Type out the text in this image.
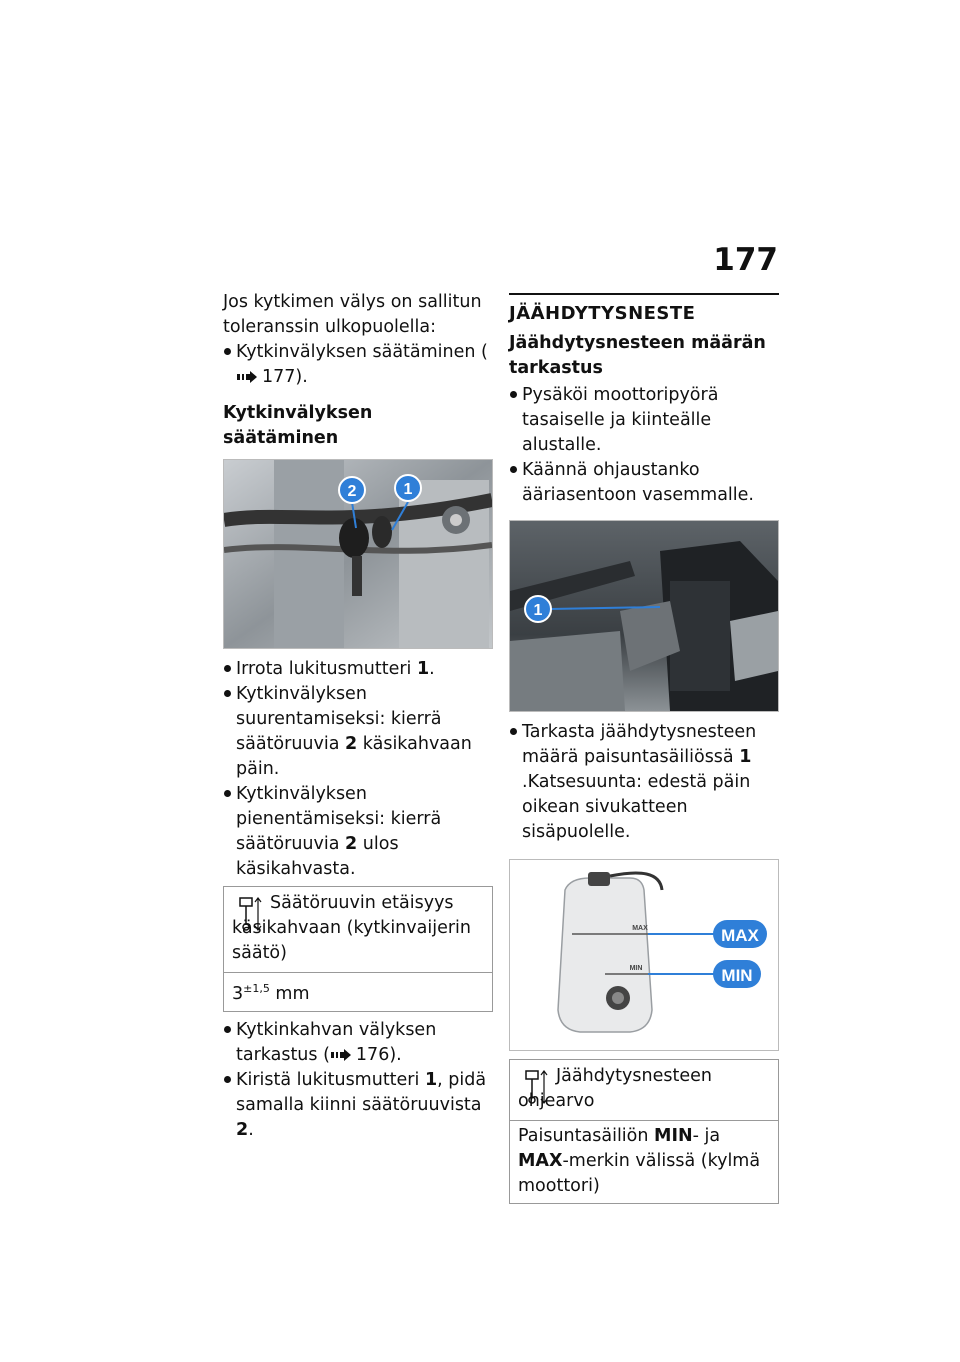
177

Jos kytkimen välys on sallitun toleranssin ulkopuolella:

Kytkinvälyksen säätäminen (177).

Kytkinvälyksen säätäminen

2	1

Irrota lukitusmutteri 1.

Kytkinvälyksen suurentamiseksi: kierrä säätöruuvia 2 käsikahvaan päin.

Kytkinvälyksen pienentämiseksi: kierrä säätöruuvia 2 ulos käsikahvasta.

Säätöruuvin etäisyys käsikahvaan (kytkinvaijerin säätö)
$3^{\pm 1,5}$ mm

Kytkinkahvan välyksen tarkastus ( 176).

Kiristä lukitusmutteri 1, pidä samalla kiinni säätöruuvista 2.

JÄÄHDYTYSNESTE

Jäähdytysnesteen määrän tarkastus

Pysäköi moottoripyörä tasaiselle ja kiinteälle alustalle.

Käännä ohjaustanko ääriasentoon vasemmalle.

1

Tarkasta jäähdytysnesteen määrä paisuntasäiliössä 1 .Katsesuunta: edestä päin oikean sivukatteen sisäpuolelle.

MAX
MIN
MAX
MIN
Jäähdytysnesteen ohjearvo
Paisuntasäiliön MIN- ja MAX-merkin välissä (kylmä moottori)
